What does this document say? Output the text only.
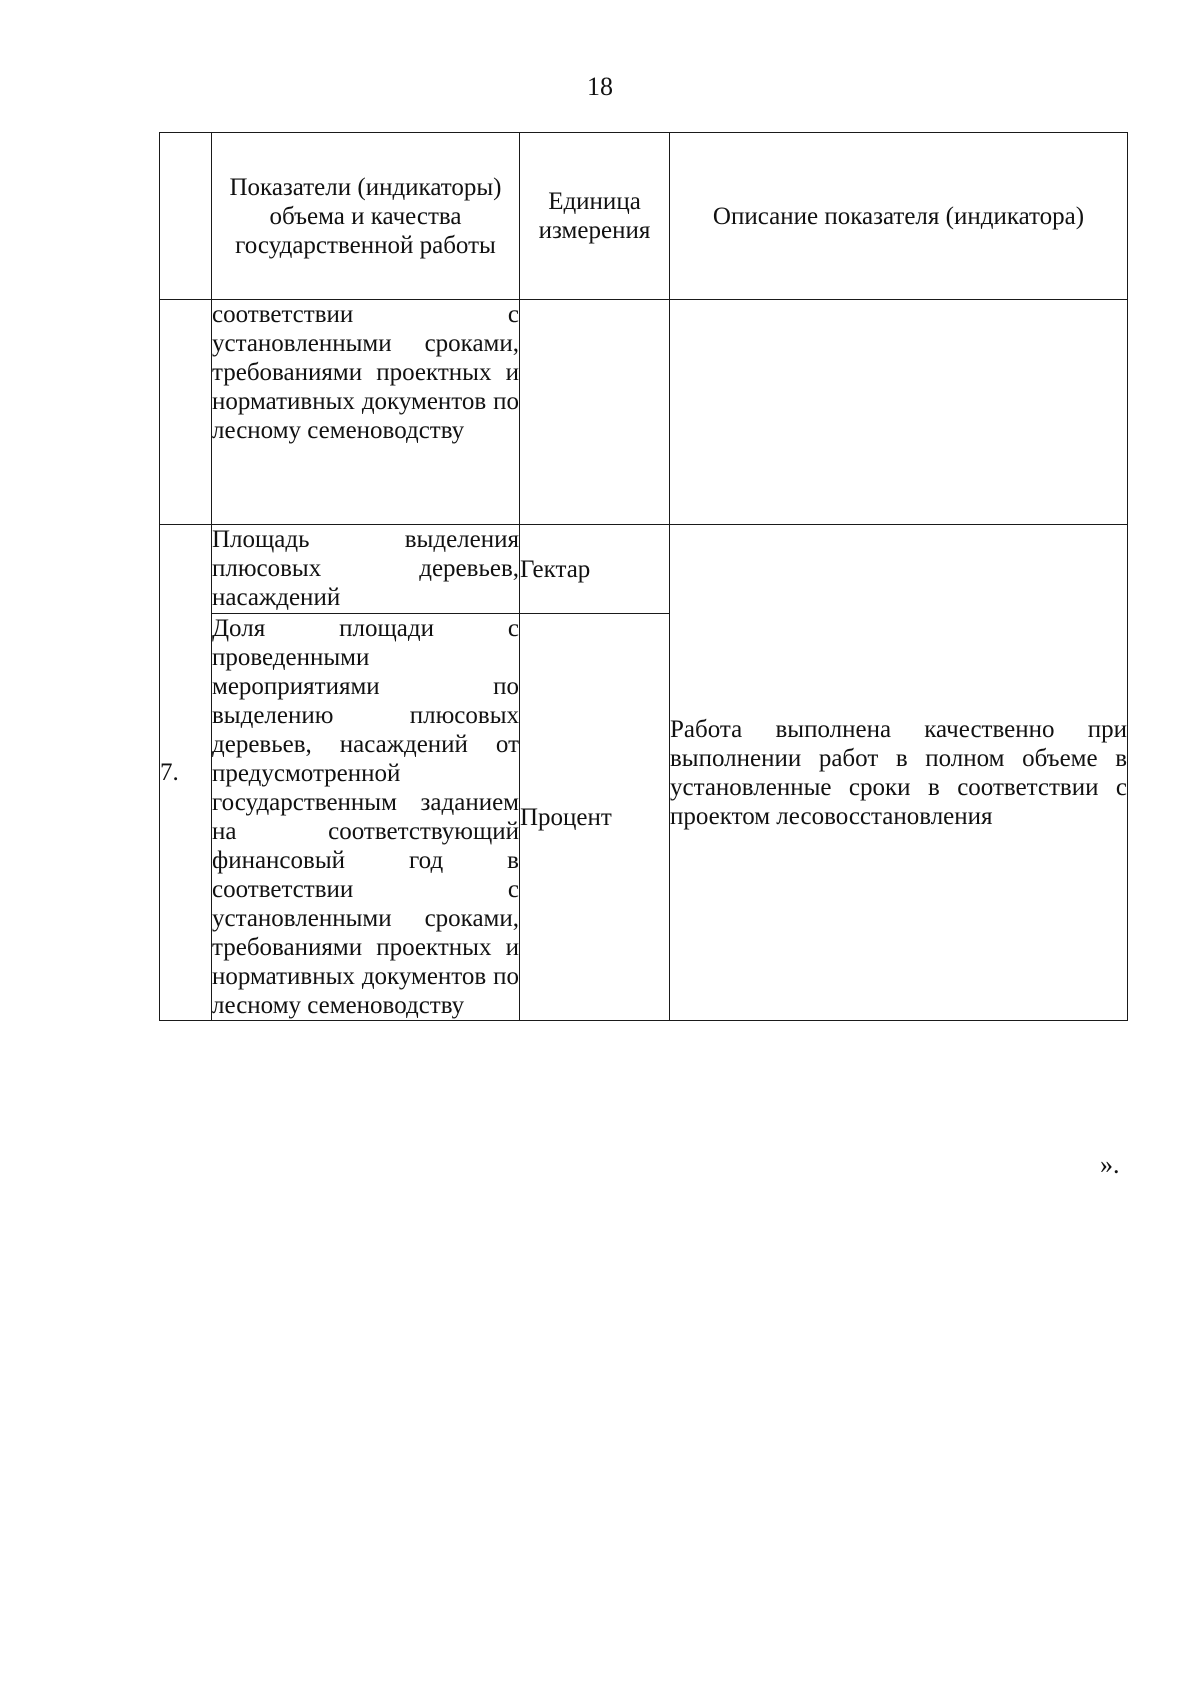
18
	Показатели (индикаторы) объема и качества государственной работы	Единица измерения	Описание показателя (индикатора)
	соответствии с установленными сроками, требованиями проектных и нормативных документов по лесному семеноводству		
7.	Площадь выделения плюсовых деревьев, насаждений	Гектар	Работа выполнена качественно при выполнении работ в полном объеме в установленные сроки в соответствии с проектом лесовосстановления
	Доля площади с проведенными мероприятиями по выделению плюсовых деревьев, насаждений от предусмотренной государственным заданием на соответствующий финансовый год в соответствии с установленными сроками, требованиями проектных и нормативных документов по лесному семеноводству	Процент	
».
